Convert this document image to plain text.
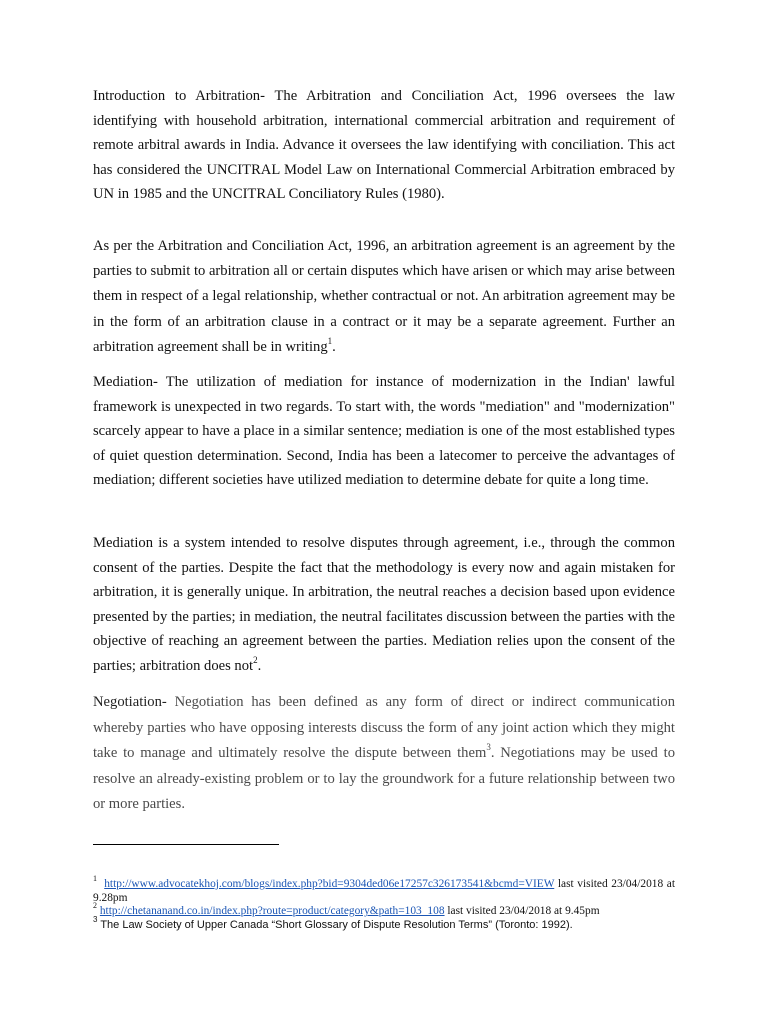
Introduction to Arbitration- The Arbitration and Conciliation Act, 1996 oversees the law identifying with household arbitration, international commercial arbitration and requirement of remote arbitral awards in India. Advance it oversees the law identifying with conciliation. This act has considered the UNCITRAL Model Law on International Commercial Arbitration embraced by UN in 1985 and the UNCITRAL Conciliatory Rules (1980).

As per the Arbitration and Conciliation Act, 1996, an arbitration agreement is an agreement by the parties to submit to arbitration all or certain disputes which have arisen or which may arise between them in respect of a legal relationship, whether contractual or not. An arbitration agreement may be in the form of an arbitration clause in a contract or it may be a separate agreement. Further an arbitration agreement shall be in writing$^1$.

Mediation- The utilization of mediation for instance of modernization in the Indian' lawful framework is unexpected in two regards. To start with, the words "mediation" and "modernization" scarcely appear to have a place in a similar sentence; mediation is one of the most established types of quiet question determination. Second, India has been a latecomer to perceive the advantages of mediation; different societies have utilized mediation to determine debate for quite a long time.

Mediation is a system intended to resolve disputes through agreement, i.e., through the common consent of the parties. Despite the fact that the methodology is every now and again mistaken for arbitration, it is generally unique. In arbitration, the neutral reaches a decision based upon evidence presented by the parties; in mediation, the neutral facilitates discussion between the parties with the objective of reaching an agreement between the parties. Mediation relies upon the consent of the parties; arbitration does not$^2$.

Negotiation- Negotiation has been defined as any form of direct or indirect communication whereby parties who have opposing interests discuss the form of any joint action which they might take to manage and ultimately resolve the dispute between them$^3$. Negotiations may be used to resolve an already-existing problem or to lay the groundwork for a future relationship between two or more parties.

$^1$ http://www.advocatekhoj.com/blogs/index.php?bid=9304ded06e17257c326173541&bcmd=VIEW last visited 23/04/2018 at 9.28pm

$^2$ http://chetananand.co.in/index.php?route=product/category&path=103_108 last visited 23/04/2018 at 9.45pm

$^3$ The Law Society of Upper Canada “Short Glossary of Dispute Resolution Terms” (Toronto: 1992).
